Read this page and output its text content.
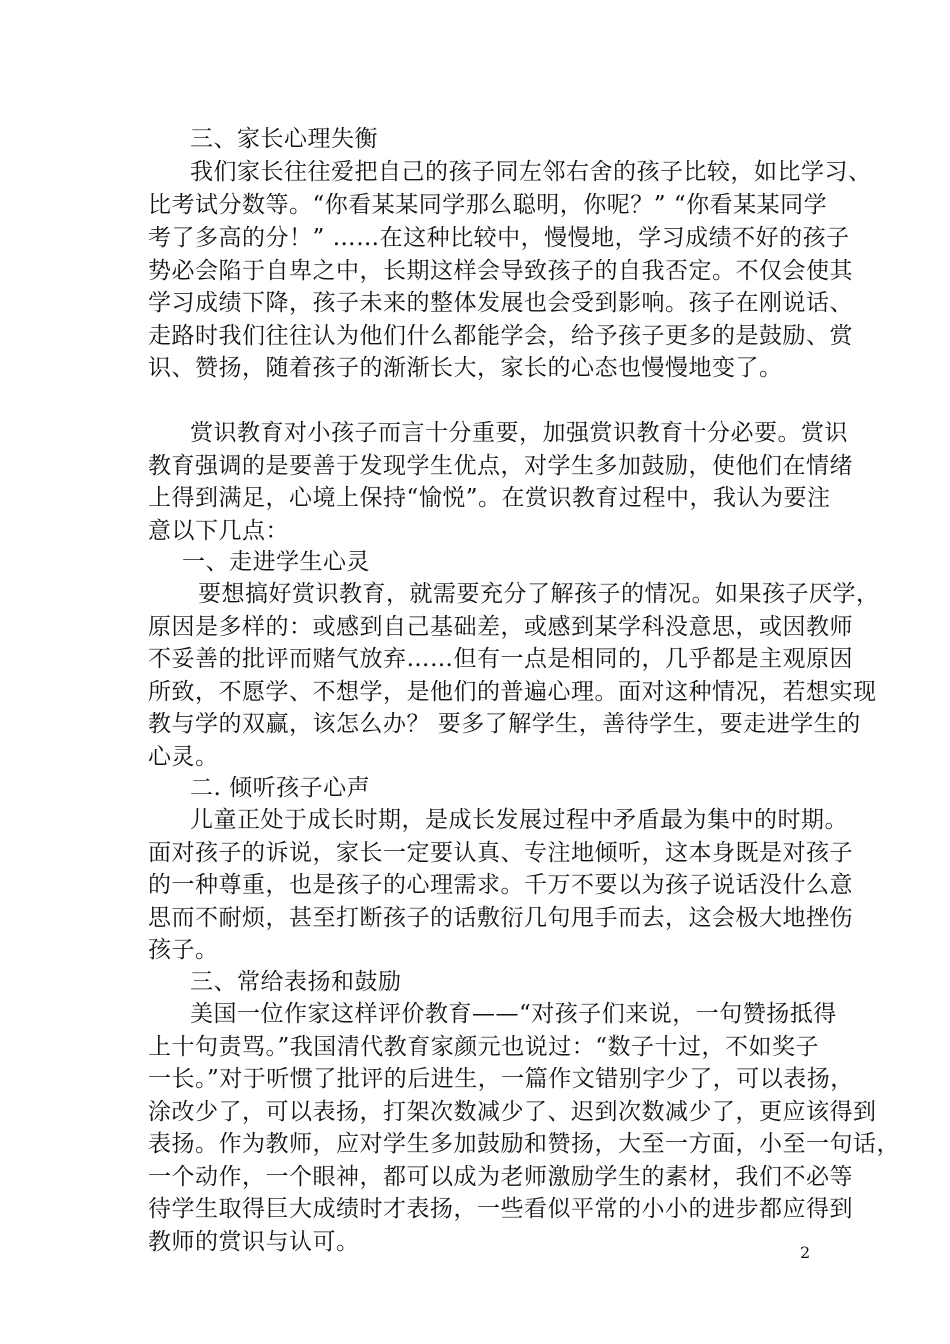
三、家长心理失衡
我们家长往往爱把自己的孩子同左邻右舍的孩子比较，如比学习、
比考试分数等。“你看某某同学那么聪明，你呢？” “你看某某同学
考了多高的分！” ……在这种比较中，慢慢地，学习成绩不好的孩子
势必会陷于自卑之中，长期这样会导致孩子的自我否定。不仅会使其
学习成绩下降，孩子未来的整体发展也会受到影响。孩子在刚说话、
走路时我们往往认为他们什么都能学会，给予孩子更多的是鼓励、赏
识、赞扬，随着孩子的渐渐长大，家长的心态也慢慢地变了。
赏识教育对小孩子而言十分重要，加强赏识教育十分必要。赏识
教育强调的是要善于发现学生优点，对学生多加鼓励，使他们在情绪
上得到满足，心境上保持“愉悦”。在赏识教育过程中，我认为要注
意以下几点：
一、走进学生心灵
要想搞好赏识教育，就需要充分了解孩子的情况。如果孩子厌学，
原因是多样的：或感到自己基础差，或感到某学科没意思，或因教师
不妥善的批评而赌气放弃……但有一点是相同的，几乎都是主观原因
所致，不愿学、不想学，是他们的普遍心理。面对这种情况，若想实现
教与学的双赢，该怎么办？ 要多了解学生，善待学生，要走进学生的
心灵。
二. 倾听孩子心声
儿童正处于成长时期，是成长发展过程中矛盾最为集中的时期。
面对孩子的诉说，家长一定要认真、专注地倾听，这本身既是对孩子
的一种尊重，也是孩子的心理需求。千万不要以为孩子说话没什么意
思而不耐烦，甚至打断孩子的话敷衍几句甩手而去，这会极大地挫伤
孩子。
三、常给表扬和鼓励
美国一位作家这样评价教育——“对孩子们来说，一句赞扬抵得
上十句责骂。”我国清代教育家颜元也说过：“数子十过，不如奖子
一长。”对于听惯了批评的后进生，一篇作文错别字少了，可以表扬，
涂改少了，可以表扬，打架次数减少了、迟到次数减少了，更应该得到
表扬。作为教师，应对学生多加鼓励和赞扬，大至一方面，小至一句话，
一个动作，一个眼神，都可以成为老师激励学生的素材，我们不必等
待学生取得巨大成绩时才表扬，一些看似平常的小小的进步都应得到
教师的赏识与认可。	2
